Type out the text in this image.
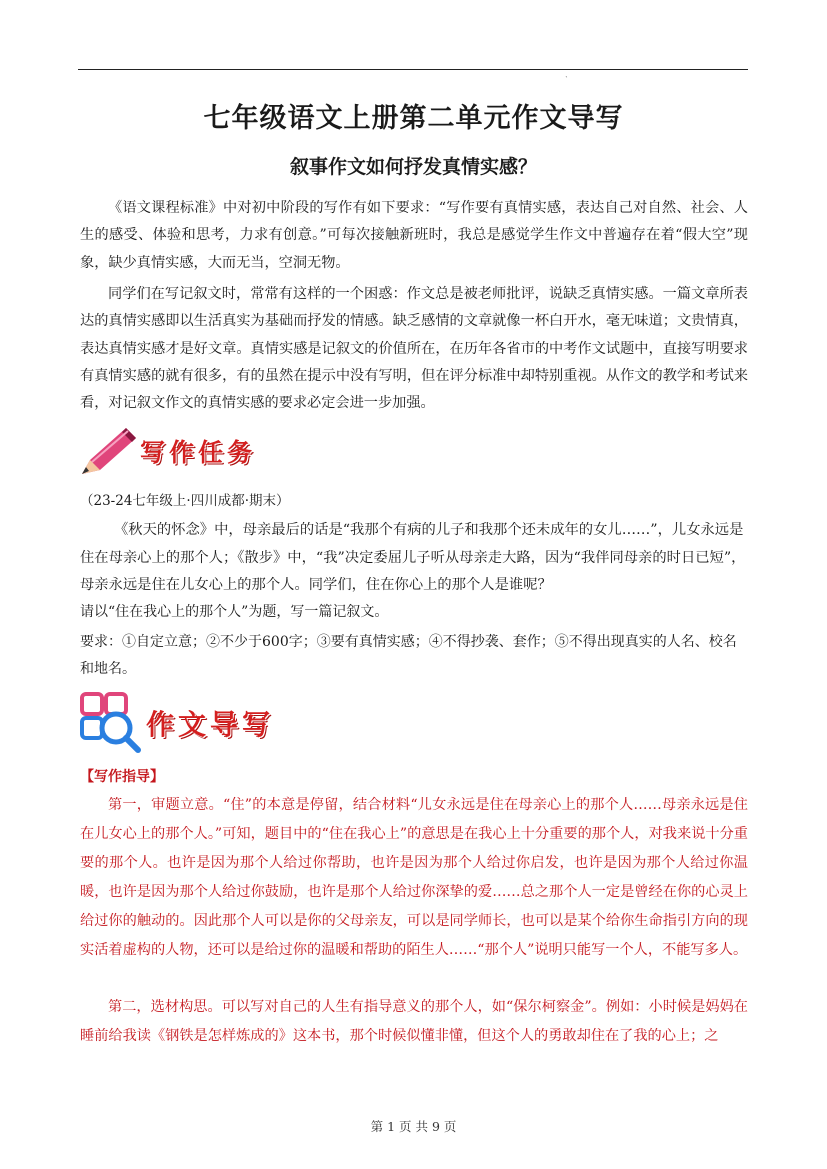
`
七年级语文上册第二单元作文导写
叙事作文如何抒发真情实感？

《语文课程标准》中对初中阶段的写作有如下要求：“写作要有真情实感，表达自己对自然、社会、人生的感受、体验和思考，力求有创意。”可每次接触新班时，我总是感觉学生作文中普遍存在着“假大空”现象，缺少真情实感，大而无当，空洞无物。

同学们在写记叙文时，常常有这样的一个困惑：作文总是被老师批评，说缺乏真情实感。一篇文章所表达的真情实感即以生活真实为基础而抒发的情感。缺乏感情的文章就像一杯白开水，毫无味道；文贵情真，表达真情实感才是好文章。真情实感是记叙文的价值所在，在历年各省市的中考作文试题中，直接写明要求有真情实感的就有很多，有的虽然在提示中没有写明，但在评分标准中却特别重视。从作文的教学和考试来看，对记叙文作文的真情实感的要求必定会进一步加强。

写作任务
（23-24七年级上·四川成都·期末）

《秋天的怀念》中，母亲最后的话是“我那个有病的儿子和我那个还未成年的女儿……”，儿女永远是住在母亲心上的那个人；《散步》中，“我”决定委屈儿子听从母亲走大路，因为“我伴同母亲的时日已短”，母亲永远是住在儿女心上的那个人。同学们，住在你心上的那个人是谁呢？

请以“住在我心上的那个人”为题，写一篇记叙文。

要求：①自定立意；②不少于600字；③要有真情实感；④不得抄袭、套作；⑤不得出现真实的人名、校名和地名。

作文导写
【写作指导】

第一，审题立意。“住”的本意是停留，结合材料“儿女永远是住在母亲心上的那个人……母亲永远是住在儿女心上的那个人。”可知，题目中的“住在我心上”的意思是在我心上十分重要的那个人，对我来说十分重要的那个人。也许是因为那个人给过你帮助，也许是因为那个人给过你启发，也许是因为那个人给过你温暖，也许是因为那个人给过你鼓励，也许是那个人给过你深挚的爱……总之那个人一定是曾经在你的心灵上给过你的触动的。因此那个人可以是你的父母亲友，可以是同学师长，也可以是某个给你生命指引方向的现实活着虚构的人物，还可以是给过你的温暖和帮助的陌生人……“那个人”说明只能写一个人，不能写多人。

第二，选材构思。可以写对自己的人生有指导意义的那个人，如“保尔柯察金”。例如：小时候是妈妈在睡前给我读《钢铁是怎样炼成的》这本书，那个时候似懂非懂，但这个人的勇敢却住在了我的心上；之

第 1 页 共 9 页
